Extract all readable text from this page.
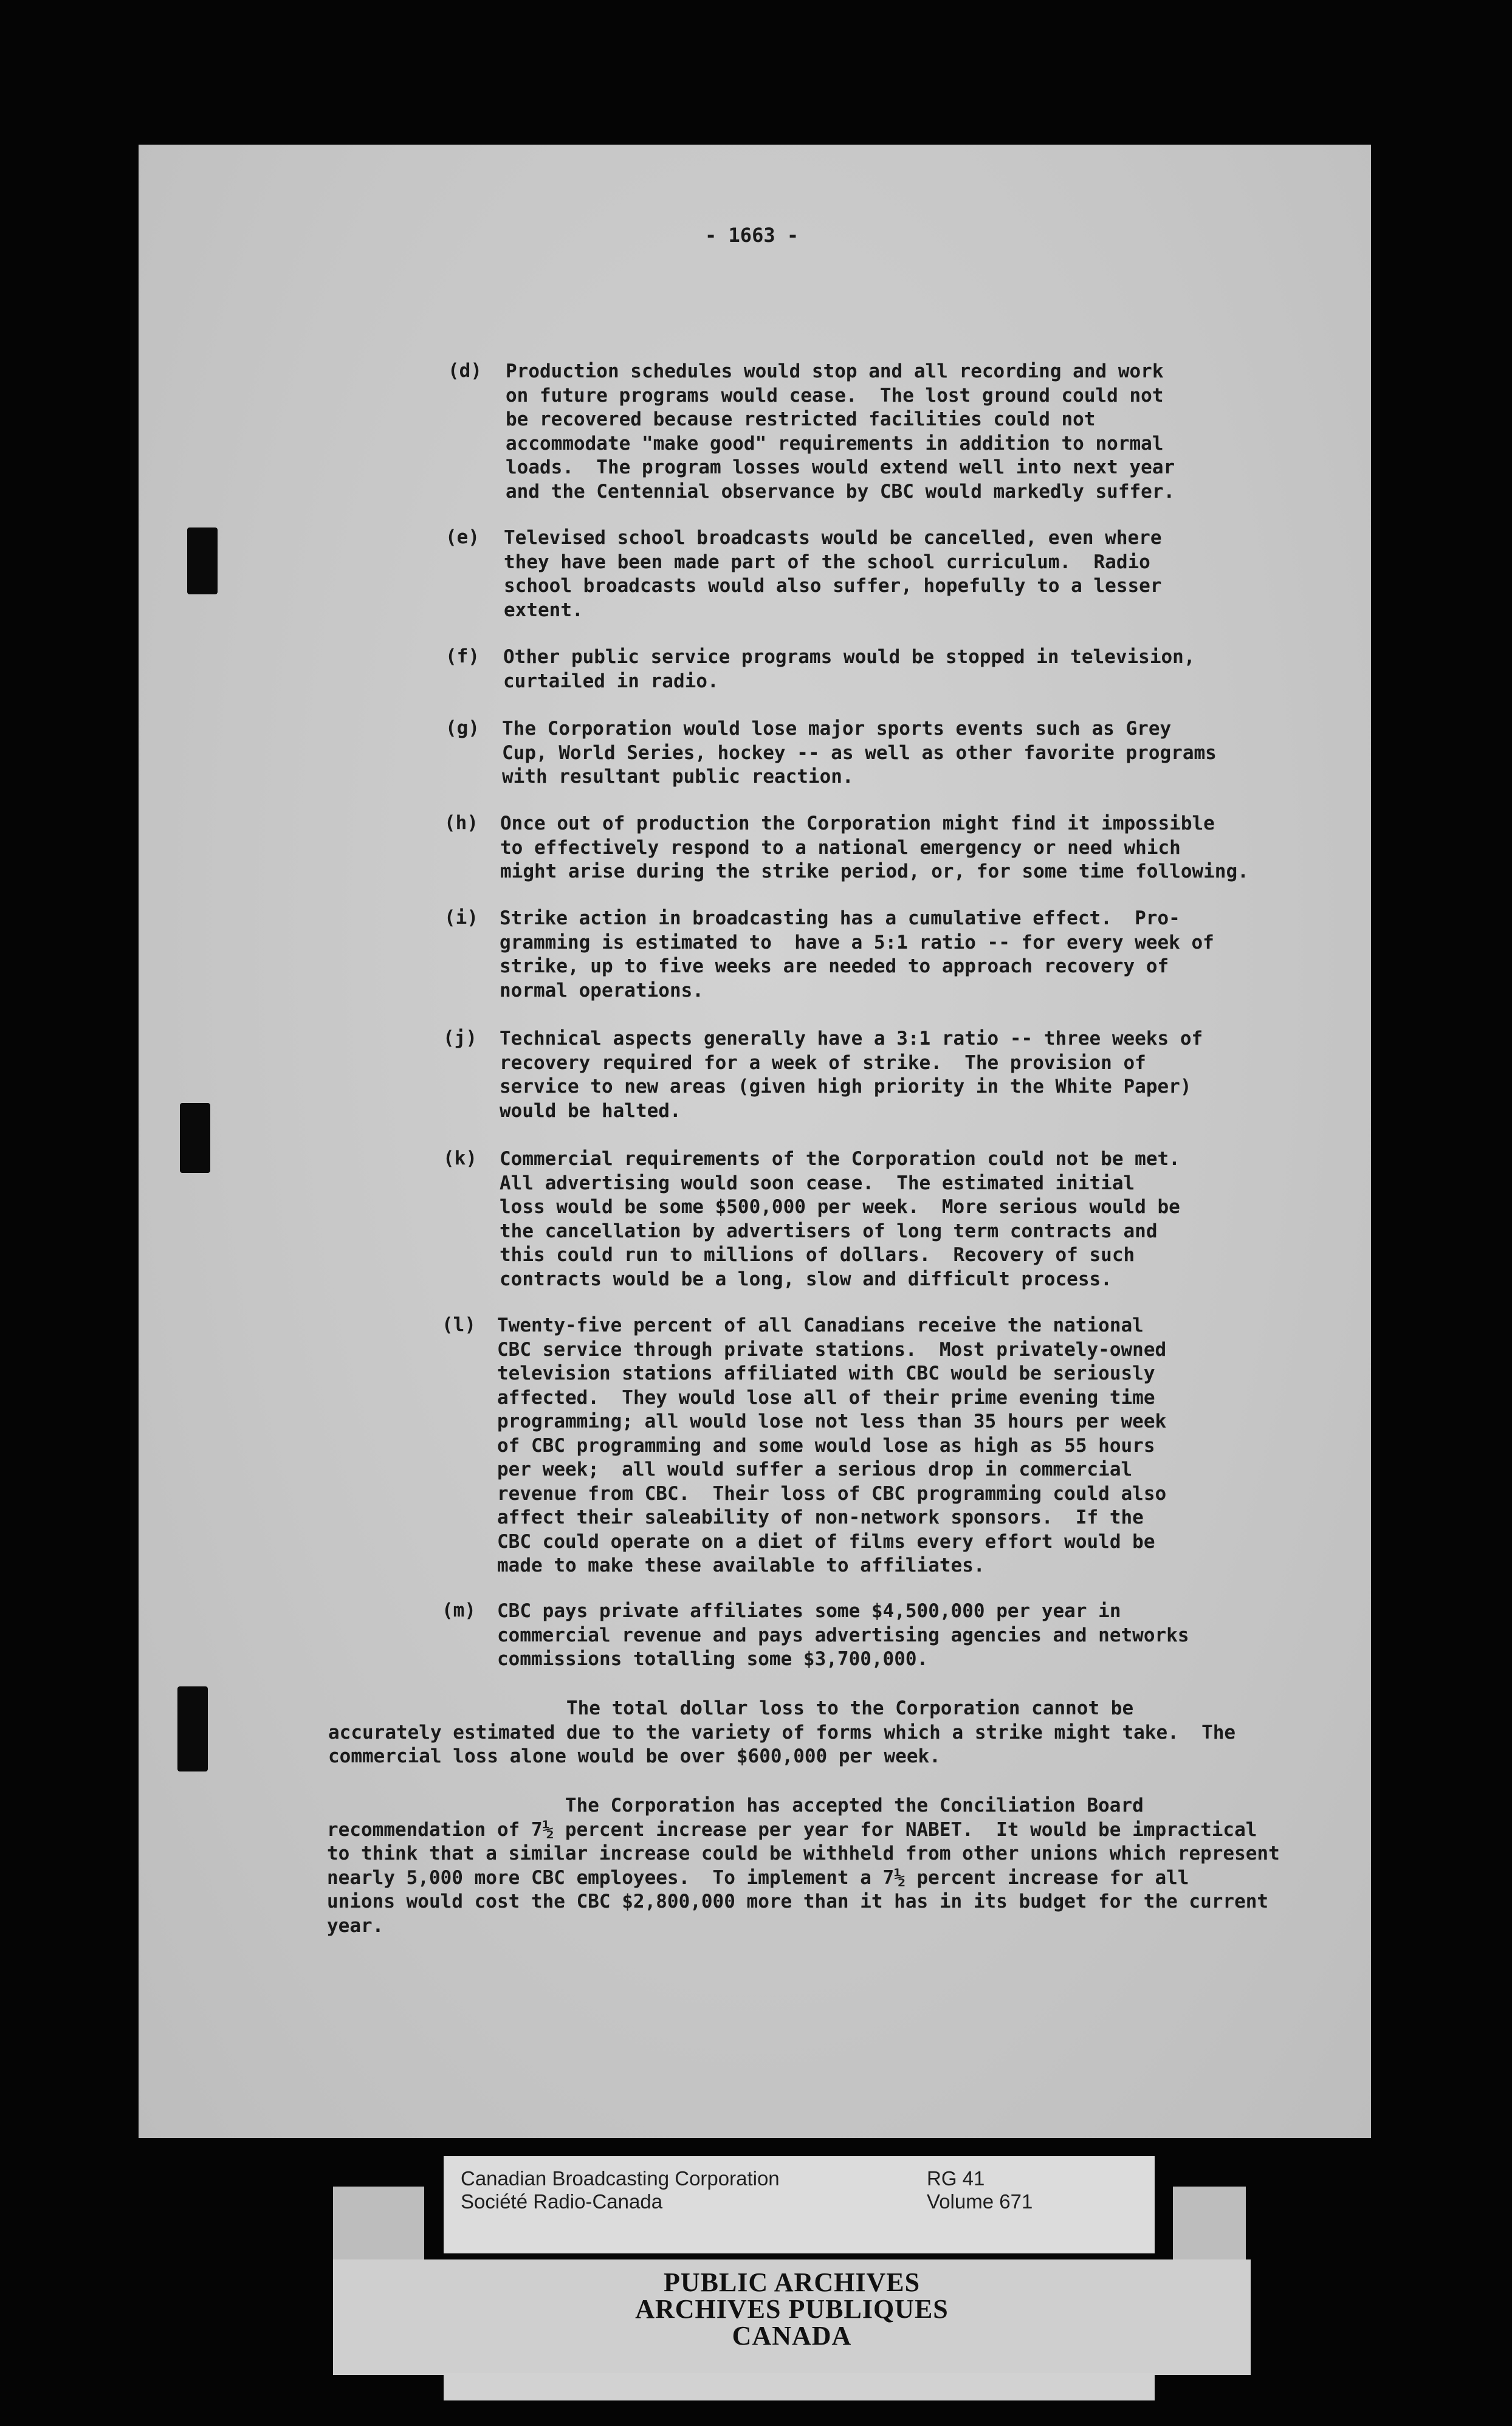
- 1663 -
(d) Production schedules would stop and all recording and work
on future programs would cease.  The lost ground could not
be recovered because restricted facilities could not
accommodate "make good" requirements in addition to normal
loads.  The program losses would extend well into next year
and the Centennial observance by CBC would markedly suffer.
(e) Televised school broadcasts would be cancelled, even where
they have been made part of the school curriculum.  Radio
school broadcasts would also suffer, hopefully to a lesser
extent.
(f) Other public service programs would be stopped in television,
curtailed in radio.
(g) The Corporation would lose major sports events such as Grey
Cup, World Series, hockey -- as well as other favorite programs
with resultant public reaction.
(h) Once out of production the Corporation might find it impossible
to effectively respond to a national emergency or need which
might arise during the strike period, or, for some time following.
(i) Strike action in broadcasting has a cumulative effect.  Pro-
gramming is estimated to  have a 5:1 ratio -- for every week of
strike, up to five weeks are needed to approach recovery of
normal operations.
(j) Technical aspects generally have a 3:1 ratio -- three weeks of
recovery required for a week of strike.  The provision of
service to new areas (given high priority in the White Paper)
would be halted.
(k) Commercial requirements of the Corporation could not be met.
All advertising would soon cease.  The estimated initial
loss would be some $500,000 per week.  More serious would be
the cancellation by advertisers of long term contracts and
this could run to millions of dollars.  Recovery of such
contracts would be a long, slow and difficult process.
(l) Twenty-five percent of all Canadians receive the national
CBC service through private stations.  Most privately-owned
television stations affiliated with CBC would be seriously
affected.  They would lose all of their prime evening time
programming; all would lose not less than 35 hours per week
of CBC programming and some would lose as high as 55 hours
per week;  all would suffer a serious drop in commercial
revenue from CBC.  Their loss of CBC programming could also
affect their saleability of non-network sponsors.  If the
CBC could operate on a diet of films every effort would be
made to make these available to affiliates.
(m) CBC pays private affiliates some $4,500,000 per year in
commercial revenue and pays advertising agencies and networks
commissions totalling some $3,700,000.
The total dollar loss to the Corporation cannot be
accurately estimated due to the variety of forms which a strike might take.  The
commercial loss alone would be over $600,000 per week.
The Corporation has accepted the Conciliation Board
recommendation of 7½ percent increase per year for NABET.  It would be impractical
to think that a similar increase could be withheld from other unions which represent
nearly 5,000 more CBC employees.  To implement a 7½ percent increase for all
unions would cost the CBC $2,800,000 more than it has in its budget for the current
year.
Canadian Broadcasting Corporation
Société Radio-Canada
RG 41
Volume 671
PUBLIC ARCHIVES
ARCHIVES PUBLIQUES
CANADA
